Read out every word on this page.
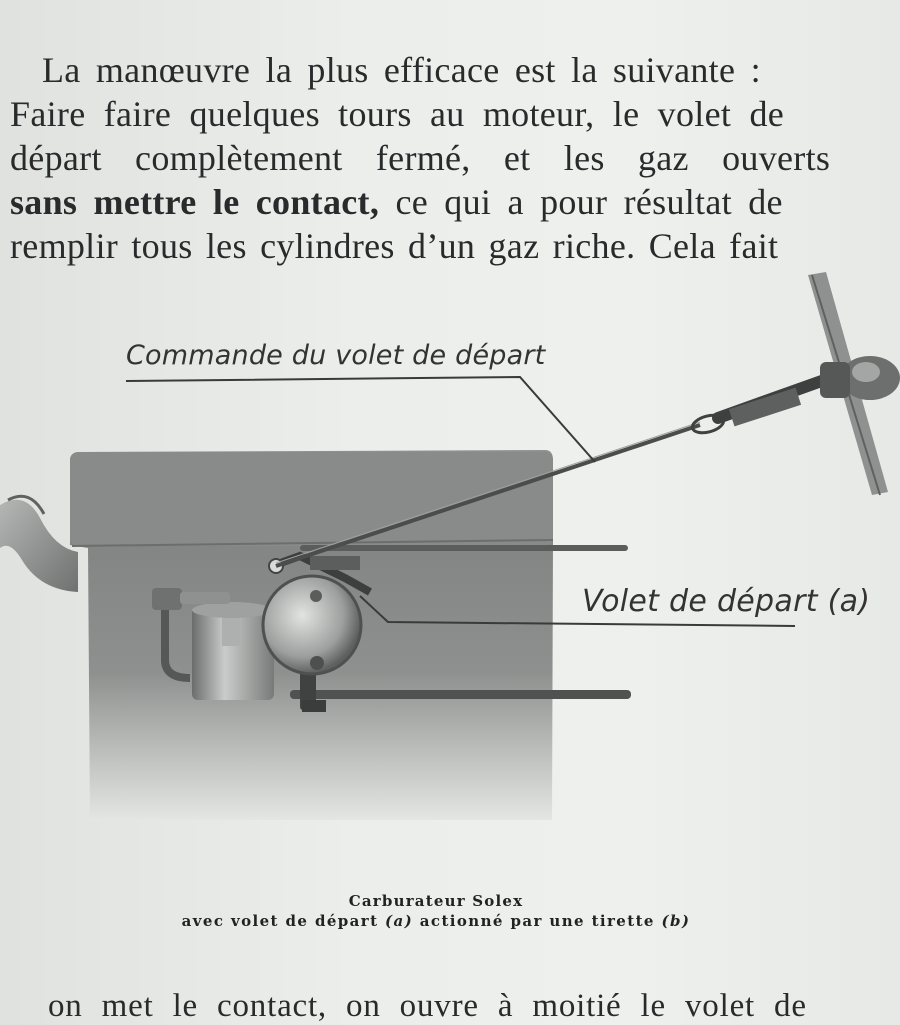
La manœuvre la plus efficace est la suivante :
Faire faire quelques tours au moteur, le volet de
départ complètement fermé, et les gaz ouverts
sans mettre le contact, ce qui a pour résultat de
remplir tous les cylindres d’un gaz riche. Cela fait

Commande du volet de départ
Volet de départ (a)
Carburateur Solex
avec volet de départ (a) actionné par une tirette (b)
on met le contact, on ouvre à moitié le volet de
